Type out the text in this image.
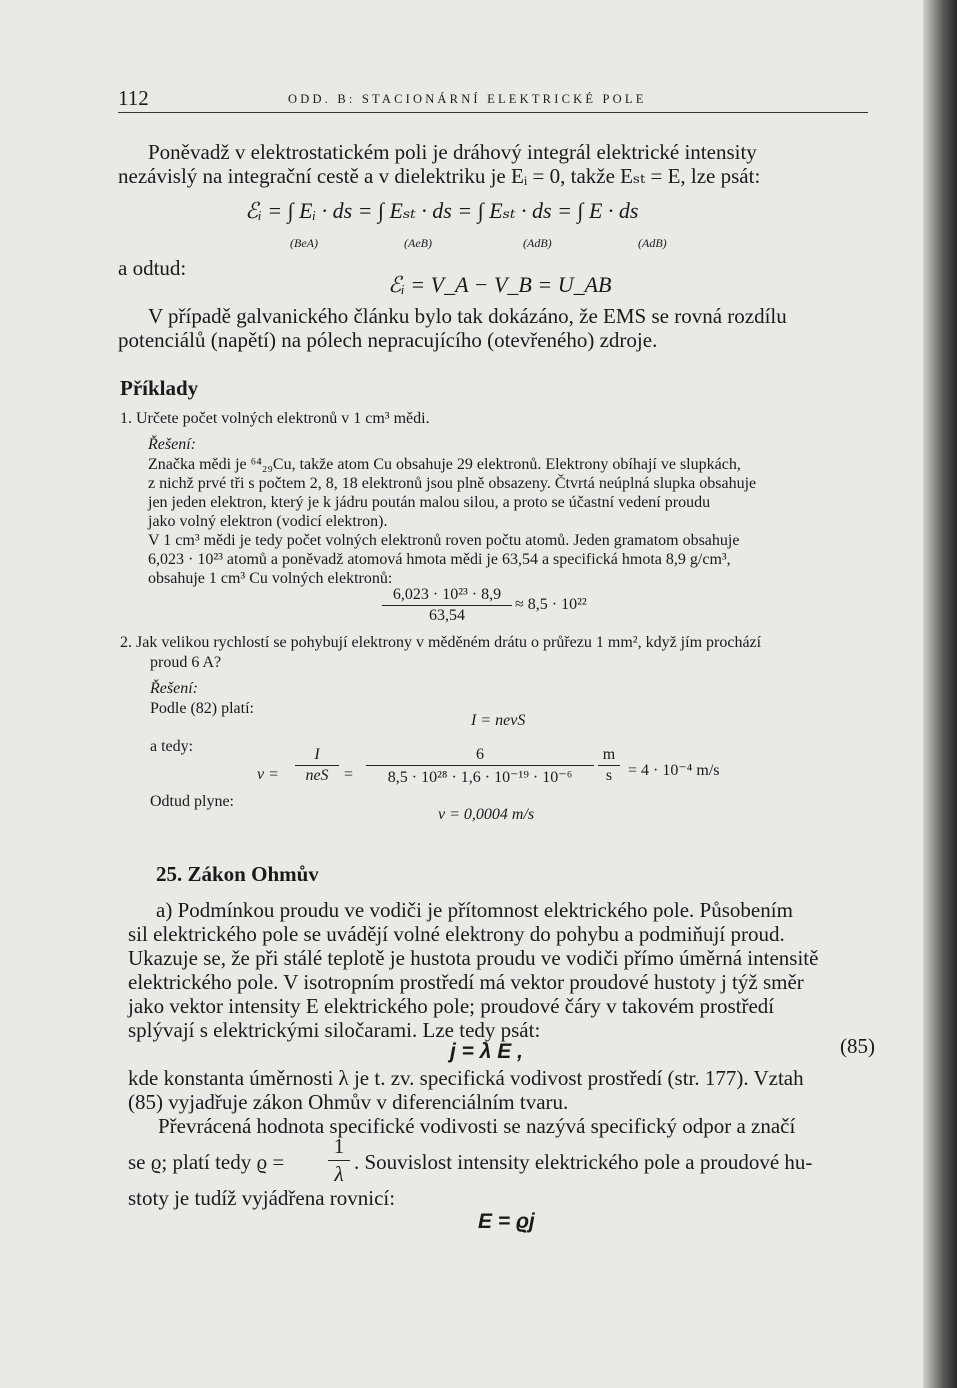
112	ODD. B: STACIONÁRNÍ ELEKTRICKÉ POLE
Poněvadž v elektrostatickém poli je dráhový integrál elektrické intensity
nezávislý na integrační cestě a v dielektriku je Eᵢ = 0, takže Eₛₜ = E, lze psát:
ℰᵢ = ∫ Eᵢ · ds = ∫ Eₛₜ · ds = ∫ Eₛₜ · ds = ∫ E · ds
(BeA)	(AeB)	(AdB)	(AdB)
a odtud:
ℰᵢ = V_A − V_B = U_AB
V případě galvanického článku bylo tak dokázáno, že EMS se rovná rozdílu
potenciálů (napětí) na pólech nepracujícího (otevřeného) zdroje.
Příklady
1. Určete počet volných elektronů v 1 cm³ mědi.
Řešení:
Značka mědi je ⁶⁴₂₉Cu, takže atom Cu obsahuje 29 elektronů. Elektrony obíhají ve slupkách,
z nichž prvé tři s počtem 2, 8, 18 elektronů jsou plně obsazeny. Čtvrtá neúplná slupka obsahuje
jen jeden elektron, který je k jádru poután malou silou, a proto se účastní vedení proudu
jako volný elektron (vodicí elektron).
V 1 cm³ mědi je tedy počet volných elektronů roven počtu atomů. Jeden gramatom obsahuje
6,023 · 10²³ atomů a poněvadž atomová hmota mědi je 63,54 a specifická hmota 8,9 g/cm³,
obsahuje 1 cm³ Cu volných elektronů:
6,023 · 10²³ · 8,9
63,54
≈ 8,5 · 10²²
2. Jak velikou rychlostí se pohybují elektrony v měděném drátu o průřezu 1 mm², když jím prochází
proud 6 A?
Řešení:
Podle (82) platí:
I = nevS
a tedy:
v =
I
neS =
6
8,5 · 10²⁸ · 1,6 · 10⁻¹⁹ · 10⁻⁶
m
s = 4 · 10⁻⁴ m/s
Odtud plyne:
v = 0,0004 m/s
25. Zákon Ohmův
a) Podmínkou proudu ve vodiči je přítomnost elektrického pole. Působením
sil elektrického pole se uvádějí volné elektrony do pohybu a podmiňují proud.
Ukazuje se, že při stálé teplotě je hustota proudu ve vodiči přímo úměrná intensitě
elektrického pole. V isotropním prostředí má vektor proudové hustoty j týž směr
jako vektor intensity E elektrického pole; proudové čáry v takovém prostředí
splývají s elektrickými siločarami. Lze tedy psát:
j = λ E ,	(85)
kde konstanta úměrnosti λ je t. zv. specifická vodivost prostředí (str. 177). Vztah
(85) vyjadřuje zákon Ohmův v diferenciálním tvaru.
Převrácená hodnota specifické vodivosti se nazývá specifický odpor a značí
se ϱ; platí tedy ϱ =
1
λ . Souvislost intensity elektrického pole a proudové hu-
stoty je tudíž vyjádřena rovnicí:
E = ϱj
